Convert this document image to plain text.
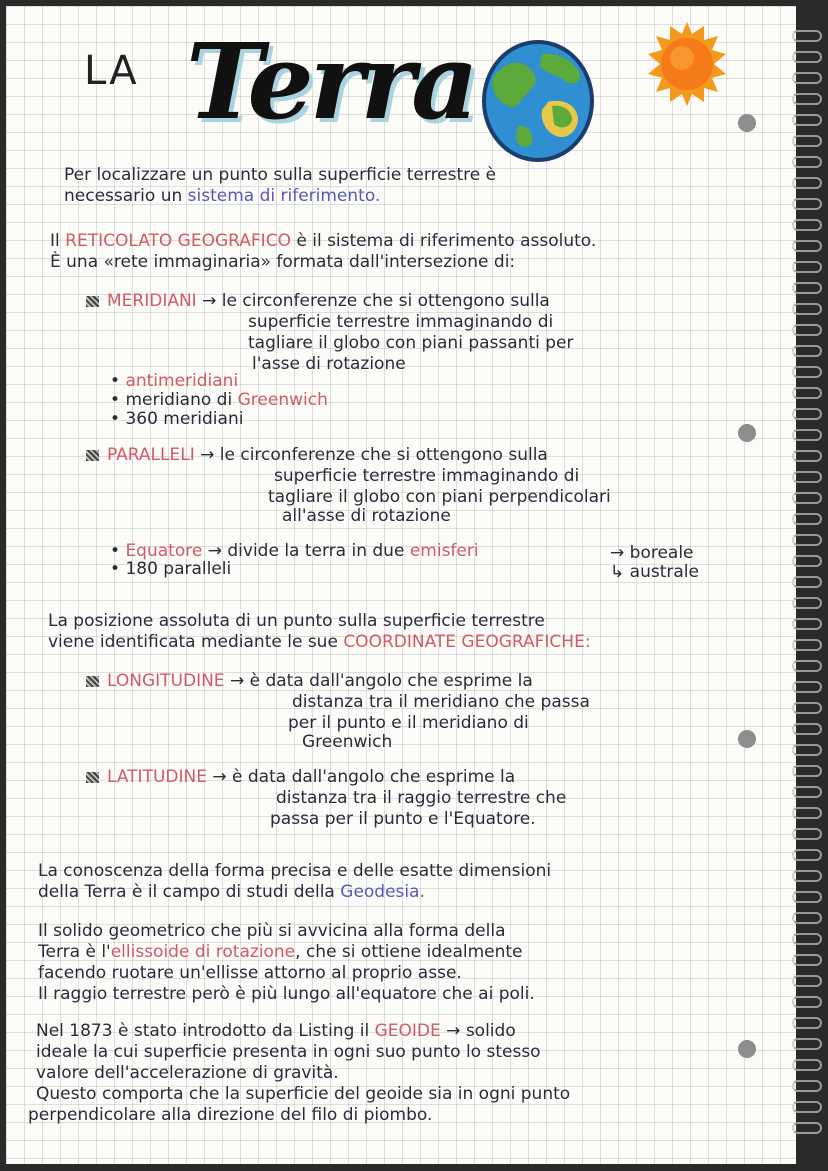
LA Terra
Per localizzare un punto sulla superficie terrestre è
necessario un sistema di riferimento.
Il RETICOLATO GEOGRAFICO è il sistema di riferimento assoluto.
È una «rete immaginaria» formata dall'intersezione di:
MERIDIANI → le circonferenze che si ottengono sulla
superficie terrestre immaginando di
tagliare il globo con piani passanti per
l'asse di rotazione
• antimeridiani
• meridiano di Greenwich
• 360 meridiani
PARALLELI → le circonferenze che si ottengono sulla
superficie terrestre immaginando di
tagliare il globo con piani perpendicolari
all'asse di rotazione
• Equatore → divide la terra in due emisferi	→ boreale
↳ australe
• 180 paralleli
La posizione assoluta di un punto sulla superficie terrestre
viene identificata mediante le sue COORDINATE GEOGRAFICHE:
LONGITUDINE → è data dall'angolo che esprime la
distanza tra il meridiano che passa
per il punto e il meridiano di
Greenwich
LATITUDINE → è data dall'angolo che esprime la
distanza tra il raggio terrestre che
passa per il punto e l'Equatore.
La conoscenza della forma precisa e delle esatte dimensioni
della Terra è il campo di studi della Geodesia.
Il solido geometrico che più si avvicina alla forma della
Terra è l'ellissoide di rotazione, che si ottiene idealmente
facendo ruotare un'ellisse attorno al proprio asse.
Il raggio terrestre però è più lungo all'equatore che ai poli.
Nel 1873 è stato introdotto da Listing il GEOIDE → solido
ideale la cui superficie presenta in ogni suo punto lo stesso
valore dell'accelerazione di gravità.
Questo comporta che la superficie del geoide sia in ogni punto
perpendicolare alla direzione del filo di piombo.
